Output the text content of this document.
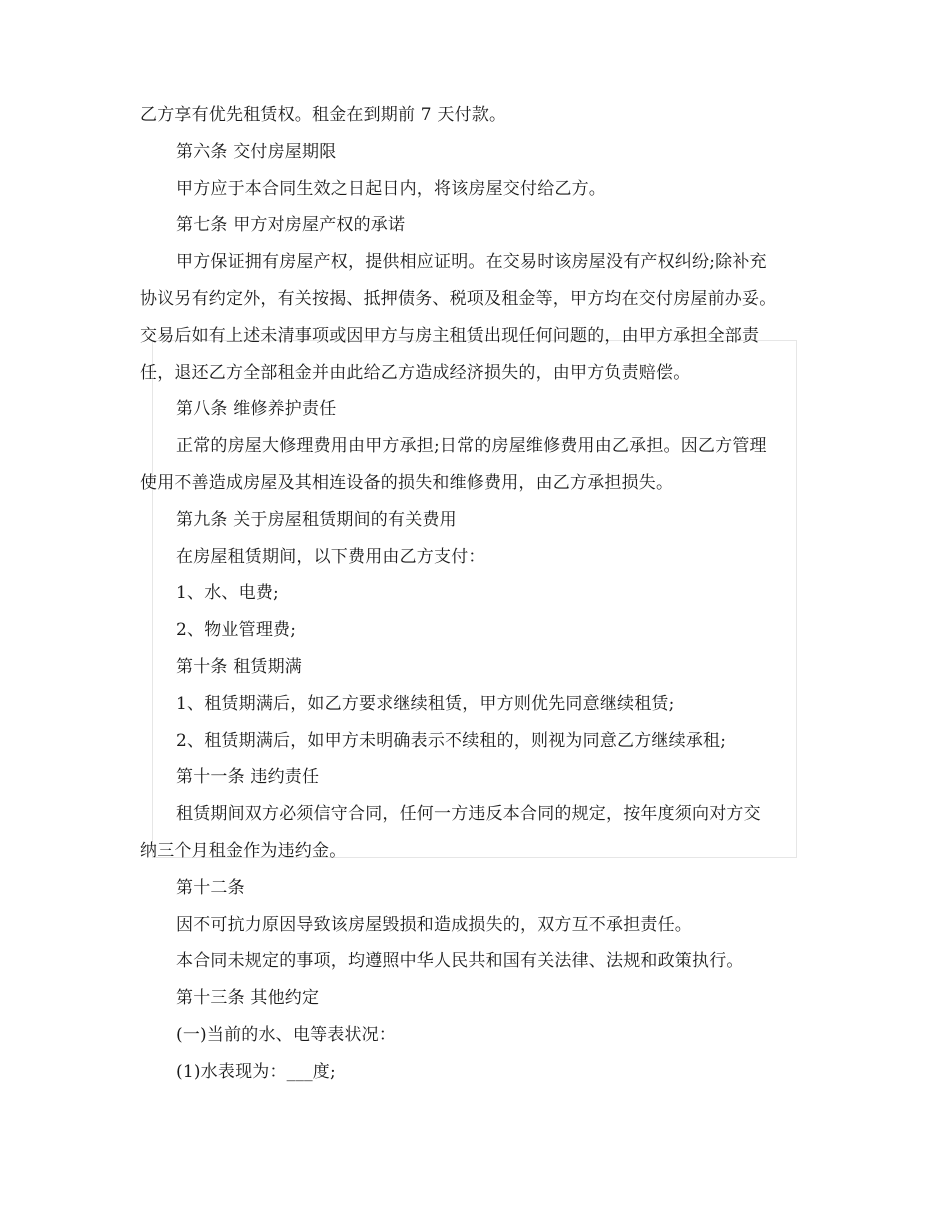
乙方享有优先租赁权。租金在到期前 7 天付款。
第六条 交付房屋期限
甲方应于本合同生效之日起日内，将该房屋交付给乙方。
第七条 甲方对房屋产权的承诺
甲方保证拥有房屋产权，提供相应证明。在交易时该房屋没有产权纠纷;除补充
协议另有约定外，有关按揭、抵押债务、税项及租金等，甲方均在交付房屋前办妥。
交易后如有上述未清事项或因甲方与房主租赁出现任何问题的，由甲方承担全部责
任，退还乙方全部租金并由此给乙方造成经济损失的，由甲方负责赔偿。
第八条 维修养护责任
正常的房屋大修理费用由甲方承担;日常的房屋维修费用由乙承担。因乙方管理
使用不善造成房屋及其相连设备的损失和维修费用，由乙方承担损失。
第九条 关于房屋租赁期间的有关费用
在房屋租赁期间，以下费用由乙方支付：
1、水、电费;
2、物业管理费;
第十条 租赁期满
1、租赁期满后，如乙方要求继续租赁，甲方则优先同意继续租赁;
2、租赁期满后，如甲方未明确表示不续租的，则视为同意乙方继续承租;
第十一条 违约责任
租赁期间双方必须信守合同，任何一方违反本合同的规定，按年度须向对方交
纳三个月租金作为违约金。
第十二条
因不可抗力原因导致该房屋毁损和造成损失的，双方互不承担责任。
本合同未规定的事项，均遵照中华人民共和国有关法律、法规和政策执行。
第十三条 其他约定
(一)当前的水、电等表状况：
(1)水表现为：___度;
